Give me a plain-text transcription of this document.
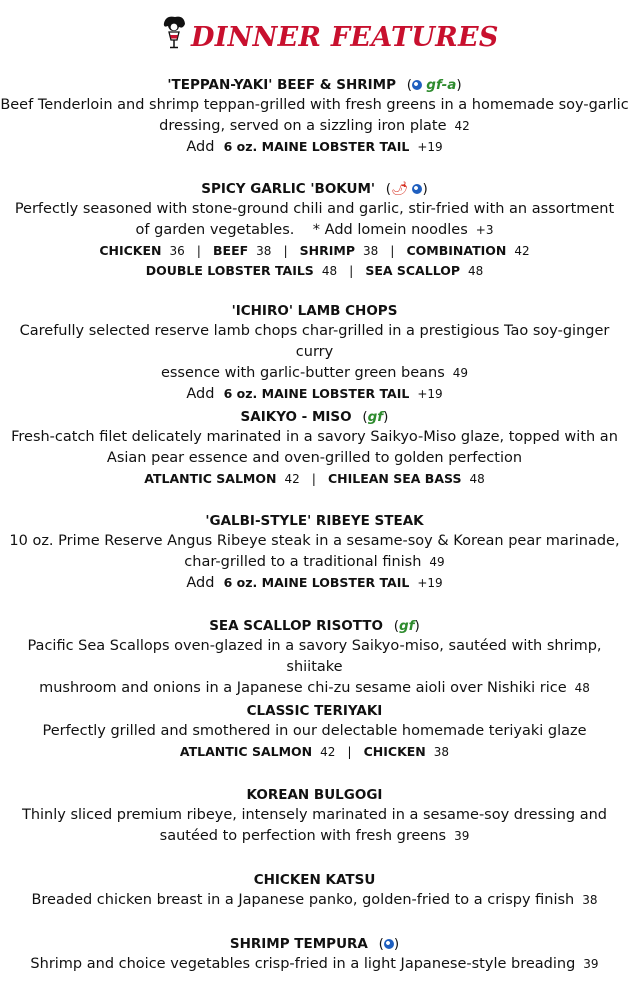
DINNER FEATURES
'TEPPAN-YAKI' BEEF & SHRIMP ( gf-a)
Beef Tenderloin and shrimp teppan-grilled with fresh greens in a homemade soy-garlic
dressing, served on a sizzling iron plate 42
Add 6 oz. MAINE LOBSTER TAIL +19
SPICY GARLIC 'BOKUM' (🌶︎ )
Perfectly seasoned with stone-ground chili and garlic, stir-fried with an assortment
of garden vegetables. * Add lomein noodles +3
CHICKEN 36 | BEEF 38 | SHRIMP 38 | COMBINATION 42
DOUBLE LOBSTER TAILS 48 | SEA SCALLOP 48
'ICHIRO' LAMB CHOPS
Carefully selected reserve lamb chops char-grilled in a prestigious Tao soy-ginger curry
essence with garlic-butter green beans 49
Add 6 oz. MAINE LOBSTER TAIL +19
SAIKYO - MISO (gf)
Fresh-catch filet delicately marinated in a savory Saikyo-Miso glaze, topped with an
Asian pear essence and oven-grilled to golden perfection
ATLANTIC SALMON 42 | CHILEAN SEA BASS 48
'GALBI-STYLE' RIBEYE STEAK
10 oz. Prime Reserve Angus Ribeye steak in a sesame-soy & Korean pear marinade,
char-grilled to a traditional finish 49
Add 6 oz. MAINE LOBSTER TAIL +19
SEA SCALLOP RISOTTO (gf)
Pacific Sea Scallops oven-glazed in a savory Saikyo-miso, sautéed with shrimp, shiitake
mushroom and onions in a Japanese chi-zu sesame aioli over Nishiki rice 48
CLASSIC TERIYAKI
Perfectly grilled and smothered in our delectable homemade teriyaki glaze
ATLANTIC SALMON 42 | CHICKEN 38
KOREAN BULGOGI
Thinly sliced premium ribeye, intensely marinated in a sesame-soy dressing and
sautéed to perfection with fresh greens 39
CHICKEN KATSU
Breaded chicken breast in a Japanese panko, golden-fried to a crispy finish 38
SHRIMP TEMPURA ( )
Shrimp and choice vegetables crisp-fried in a light Japanese-style breading 39
